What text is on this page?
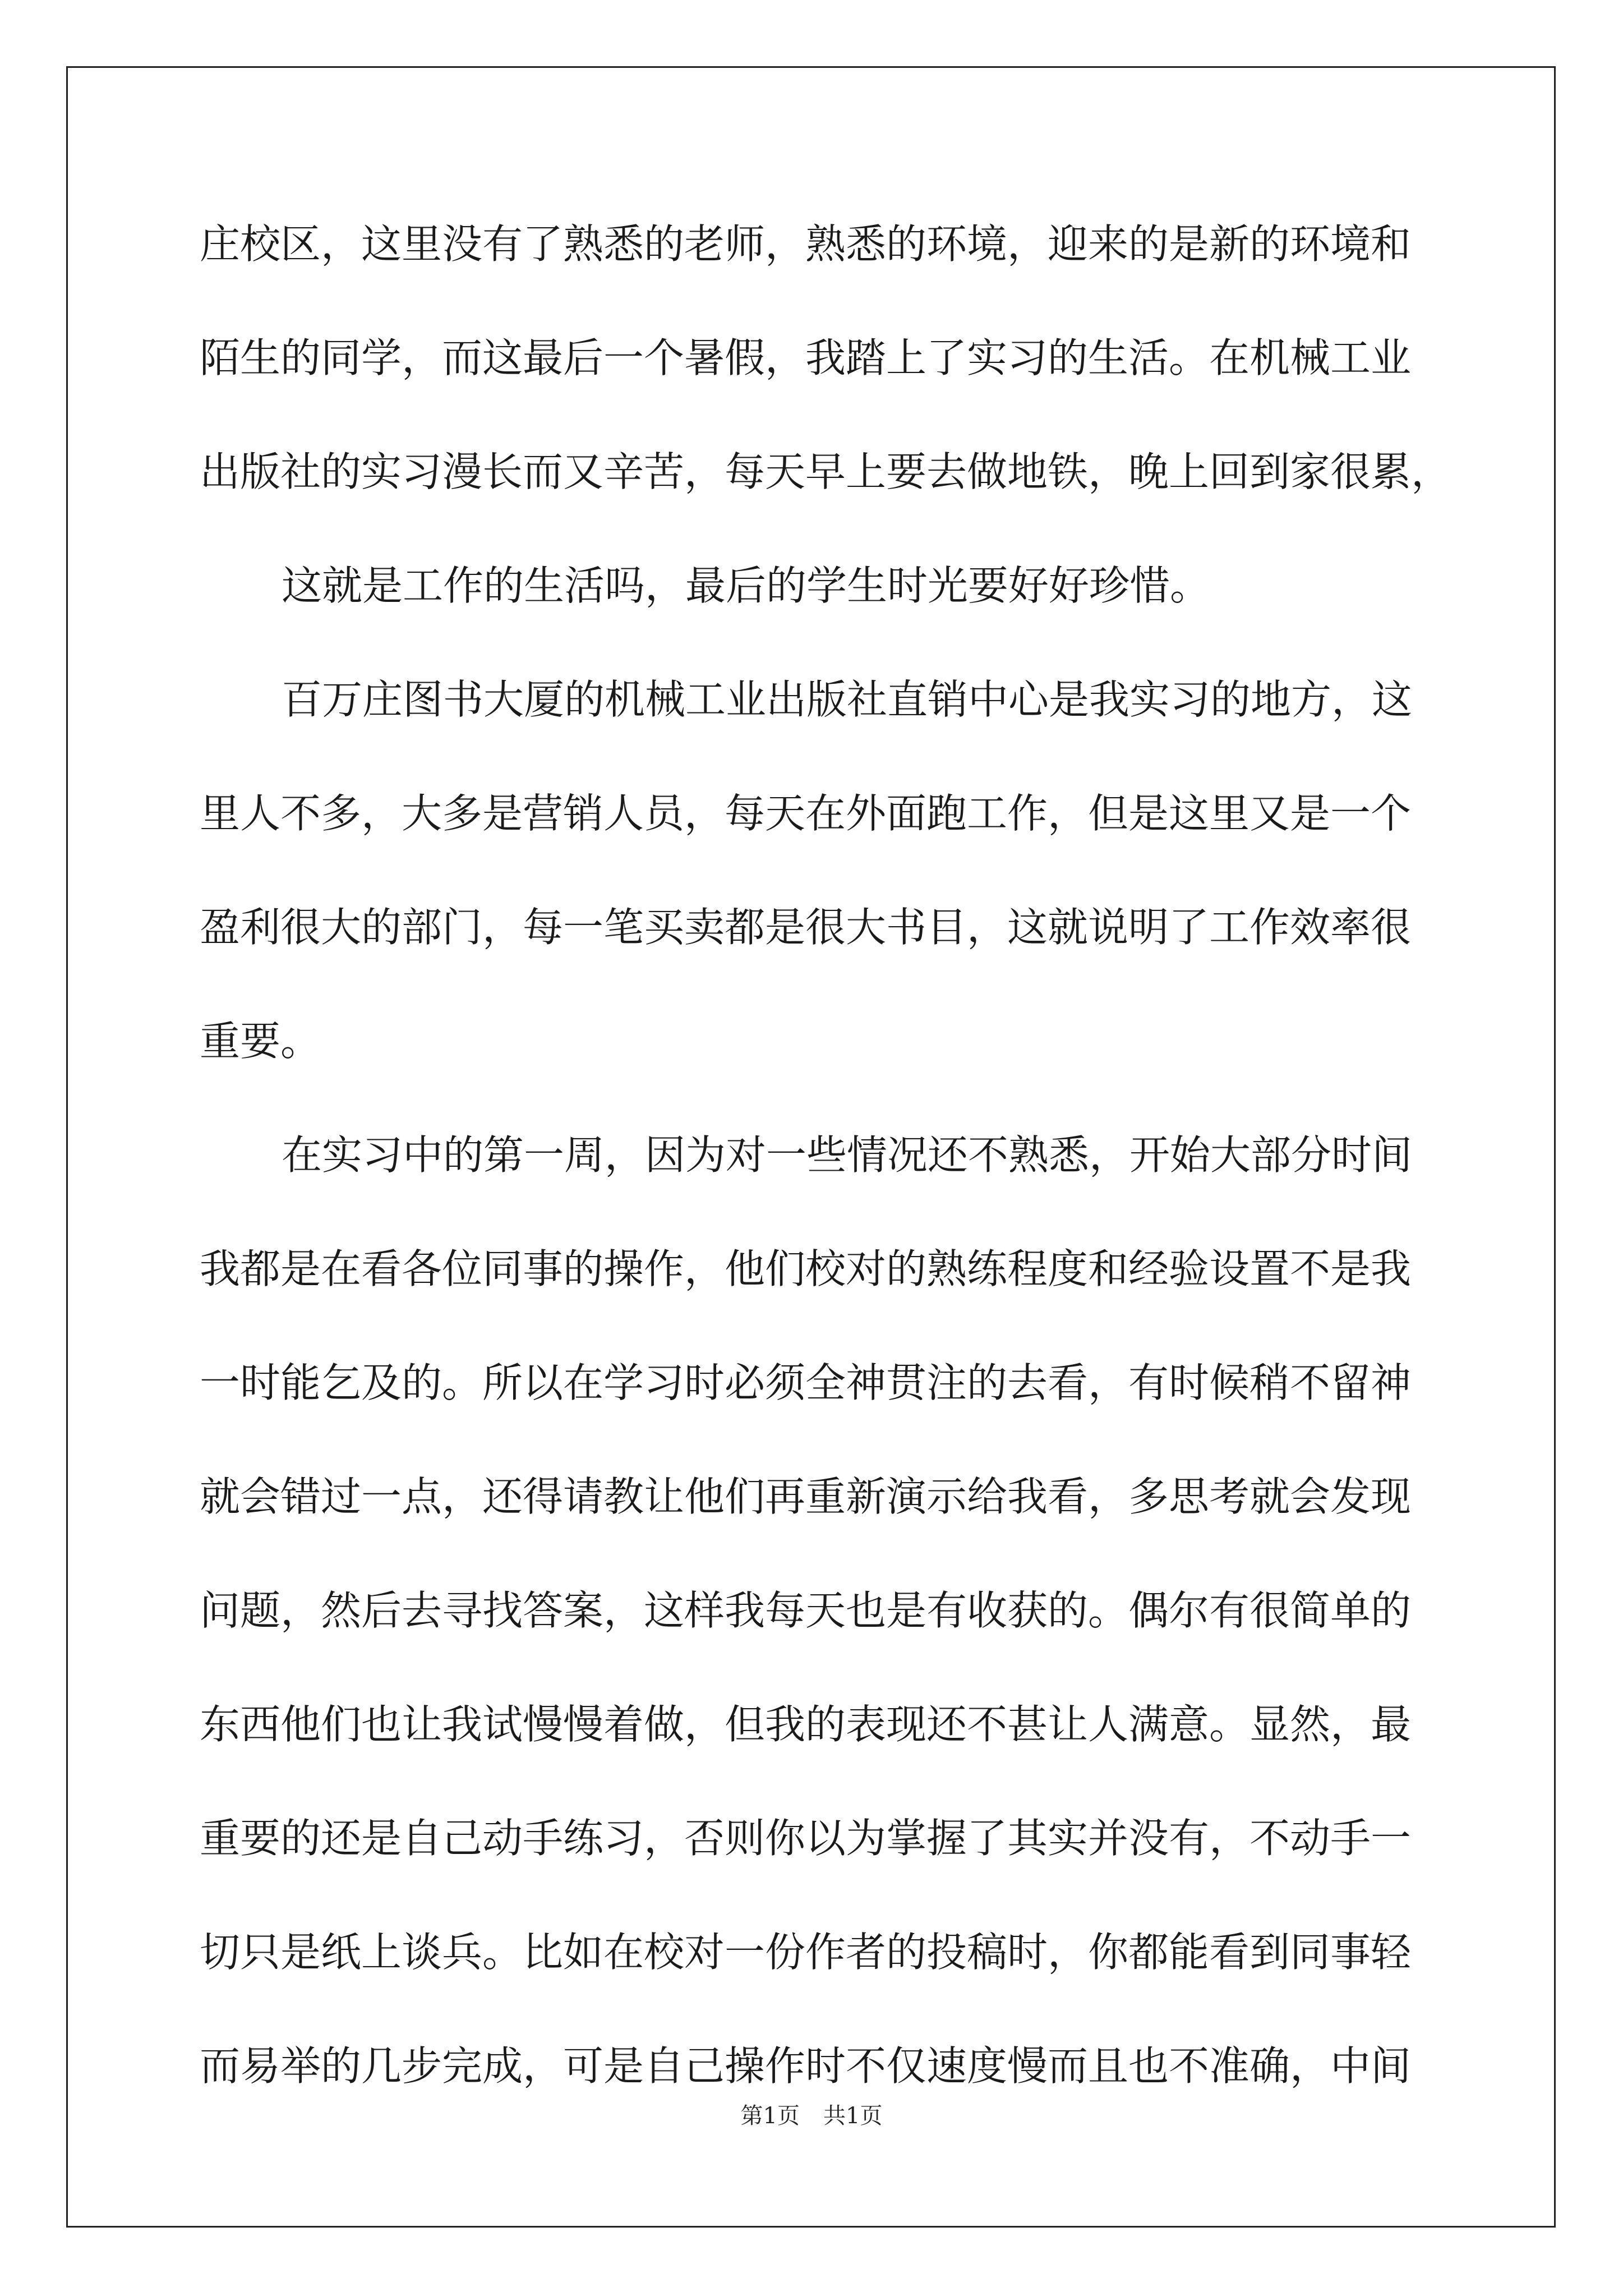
庄校区，这里没有了熟悉的老师，熟悉的环境，迎来的是新的环境和
陌生的同学，而这最后一个暑假，我踏上了实习的生活。在机械工业
出版社的实习漫长而又辛苦，每天早上要去做地铁，晚上回到家很累，
这就是工作的生活吗，最后的学生时光要好好珍惜。
百万庄图书大厦的机械工业出版社直销中心是我实习的地方，这
里人不多，大多是营销人员，每天在外面跑工作，但是这里又是一个
盈利很大的部门，每一笔买卖都是很大书目，这就说明了工作效率很
重要。
在实习中的第一周，因为对一些情况还不熟悉，开始大部分时间
我都是在看各位同事的操作，他们校对的熟练程度和经验设置不是我
一时能乞及的。所以在学习时必须全神贯注的去看，有时候稍不留神
就会错过一点，还得请教让他们再重新演示给我看，多思考就会发现
问题，然后去寻找答案，这样我每天也是有收获的。偶尔有很简单的
东西他们也让我试慢慢着做，但我的表现还不甚让人满意。显然，最
重要的还是自己动手练习，否则你以为掌握了其实并没有，不动手一
切只是纸上谈兵。比如在校对一份作者的投稿时，你都能看到同事轻
而易举的几步完成，可是自己操作时不仅速度慢而且也不准确，中间
第1页 共1页
